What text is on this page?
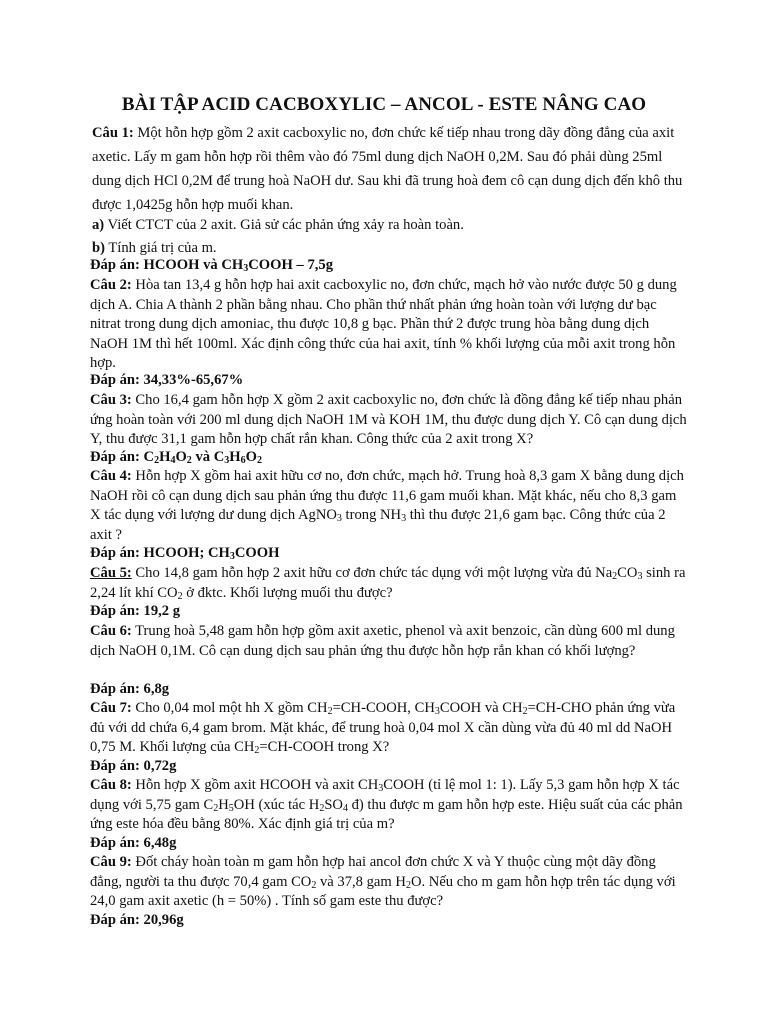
BÀI TẬP ACID CACBOXYLIC – ANCOL - ESTE NÂNG CAO

Câu 1: Một hỗn hợp gồm 2 axit cacboxylic no, đơn chức kế tiếp nhau trong dãy đồng đẳng của axit axetic. Lấy m gam hỗn hợp rồi thêm vào đó 75ml dung dịch NaOH 0,2M. Sau đó phải dùng 25ml dung dịch HCl 0,2M để trung hoà NaOH dư. Sau khi đã trung hoà đem cô cạn dung dịch đến khô thu được 1,0425g hỗn hợp muối khan.

a) Viết CTCT của 2 axit. Giả sử các phản ứng xảy ra hoàn toàn.

b) Tính giá trị của m.

Đáp án: HCOOH và $CH_3COOH - 7,5g$

Câu 2: Hòa tan 13,4 g hỗn hợp hai axit cacboxylic no, đơn chức, mạch hở vào nước được 50 g dung dịch A. Chia A thành 2 phần bằng nhau. Cho phần thứ nhất phản ứng hoàn toàn với lượng dư bạc nitrat trong dung dịch amoniac, thu được 10,8 g bạc. Phần thứ 2 được trung hòa bằng dung dịch NaOH 1M thì hết 100ml. Xác định công thức của hai axit, tính % khối lượng của mỗi axit trong hỗn hợp.

Đáp án: 34,33%-65,67%

Câu 3: Cho 16,4 gam hỗn hợp X gồm 2 axit cacboxylic no, đơn chức là đồng đẳng kế tiếp nhau phản ứng hoàn toàn với 200 ml dung dịch NaOH 1M và KOH 1M, thu được dung dịch Y. Cô cạn dung dịch Y, thu được 31,1 gam hỗn hợp chất rắn khan. Công thức của 2 axit trong X?

Đáp án: $C_2H_4O_2$ và $C_3H_6O_2$

Câu 4: Hỗn hợp X gồm hai axit hữu cơ no, đơn chức, mạch hở. Trung hoà 8,3 gam X bằng dung dịch NaOH rồi cô cạn dung dịch sau phản ứng thu được 11,6 gam muối khan. Mặt khác, nếu cho 8,3 gam X tác dụng với lượng dư dung dịch AgNO$_3$ trong $NH_3$ thì thu được 21,6 gam bạc. Công thức của 2 axit ?

Đáp án: HCOOH; $CH_3COOH$

Câu 5: Cho 14,8 gam hỗn hợp 2 axit hữu cơ đơn chức tác dụng với một lượng vừa đủ $Na_2CO_3$ sinh ra 2,24 lít khí $CO_2$ ở đktc. Khối lượng muối thu được?

Đáp án: 19,2 g

Câu 6: Trung hoà 5,48 gam hỗn hợp gồm axit axetic, phenol và axit benzoic, cần dùng 600 ml dung dịch NaOH 0,1M. Cô cạn dung dịch sau phản ứng thu được hỗn hợp rắn khan có khối lượng?

Đáp án: 6,8g

Câu 7: Cho 0,04 mol một hh X gồm $CH_2=CH$-COOH, $CH_3COOH$ và $CH_2=CH$-CHO phản ứng vừa đủ với dd chứa 6,4 gam brom. Mặt khác, để trung hoà 0,04 mol X cần dùng vừa đủ 40 ml dd NaOH 0,75 M. Khối lượng của $CH_2=CH$-COOH trong X?

Đáp án: 0,72g

Câu 8: Hỗn hợp X gồm axit HCOOH và axit $CH_3COOH$ (tỉ lệ mol 1: 1). Lấy 5,3 gam hỗn hợp X tác dụng với 5,75 gam $C_2H_5OH$ (xúc tác $H_2SO_4$ đ) thu được m gam hỗn hợp este. Hiệu suất của các phản ứng este hóa đều bằng 80%. Xác định giá trị của m?

Đáp án: 6,48g

Câu 9: Đốt cháy hoàn toàn m gam hỗn hợp hai ancol đơn chức X và Y thuộc cùng một dãy đồng đẳng, người ta thu được 70,4 gam $CO_2$ và 37,8 gam $H_2O$. Nếu cho m gam hỗn hợp trên tác dụng với 24,0 gam axit axetic (h = 50%) . Tính số gam este thu được?

Đáp án: 20,96g
